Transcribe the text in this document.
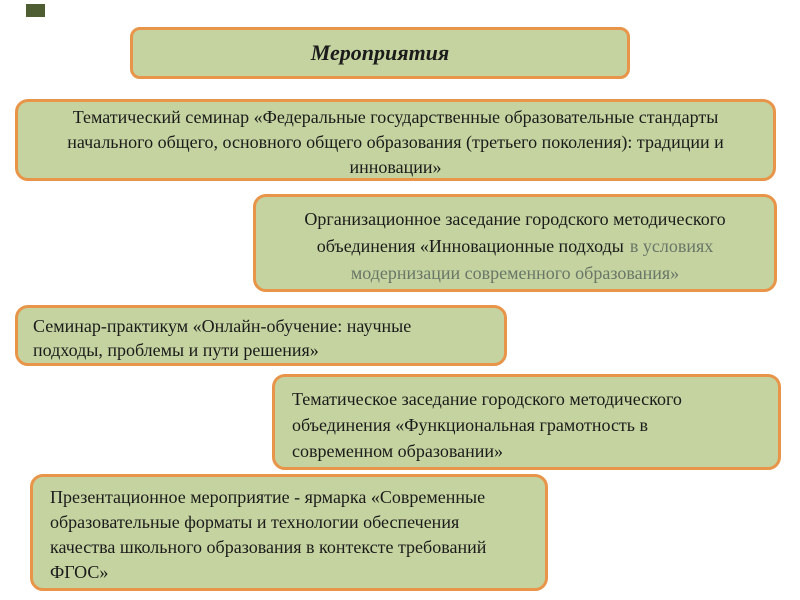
Мероприятия
Тематический семинар «Федеральные государственные образовательные стандарты
начального общего, основного общего образования (третьего поколения): традиции и
инновации»
Организационное заседание городского методического
объединения «Инновационные подходы в условиях
модернизации современного образования»
Семинар-практикум «Онлайн-обучение: научные
подходы, проблемы и пути решения»
Тематическое заседание городского методического
объединения «Функциональная грамотность в
современном образовании»
Презентационное мероприятие - ярмарка «Современные
образовательные форматы и технологии обеспечения
качества школьного образования в контексте требований
ФГОС»
